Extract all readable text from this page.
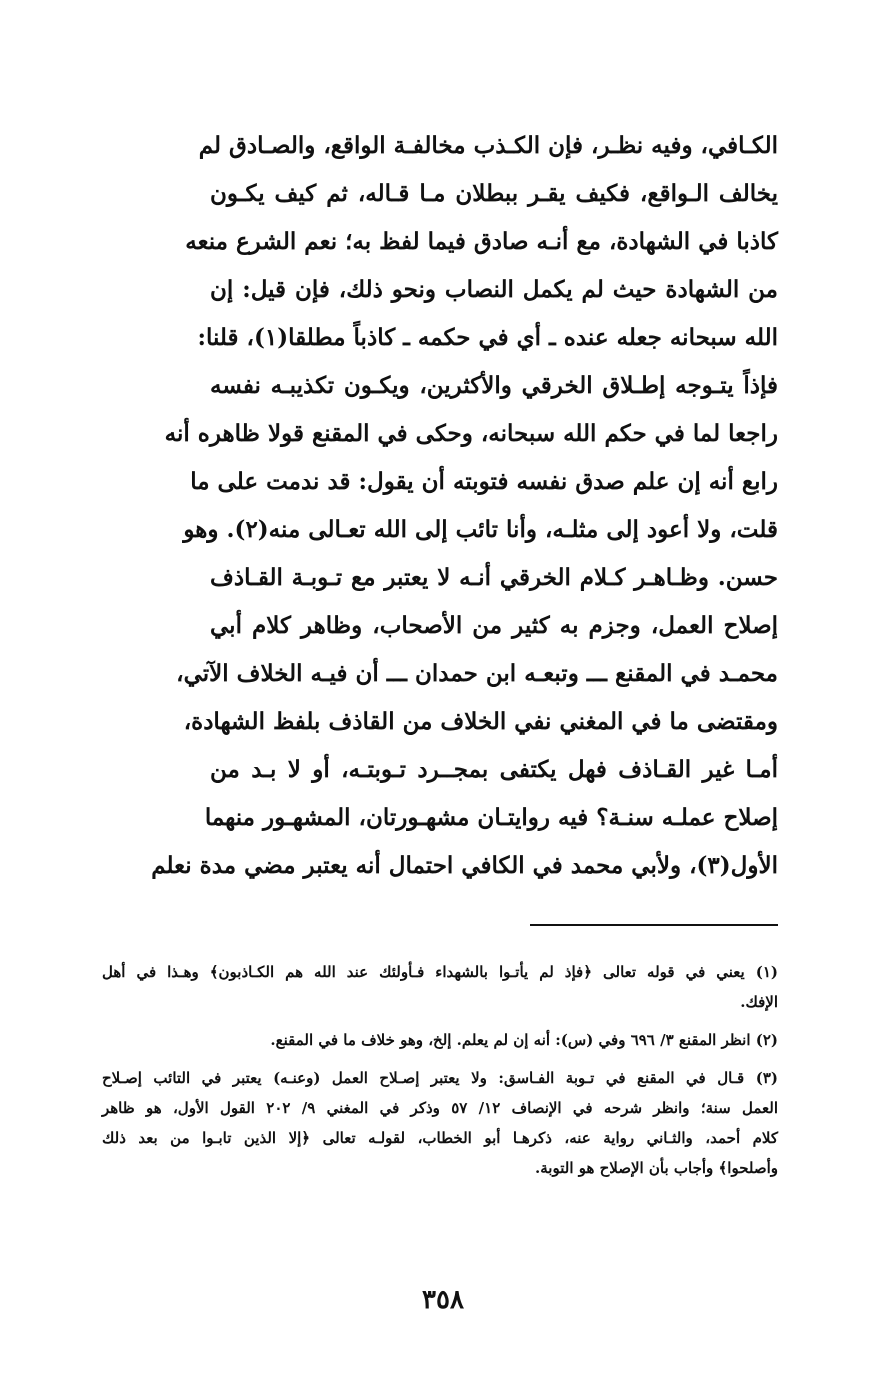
الكـافي، وفيه نظـر، فإن الكـذب مخالفـة الواقع، والصـادق لم
يخالف الـواقع، فكيف يقـر ببطلان مـا قـاله، ثم كيف يكـون
كاذبا في الشهادة، مع أنـه صادق فيما لفظ به؛ نعم الشرع منعه
من الشهادة حيث لم يكمل النصاب ونحو ذلك، فإن قيل: إن
الله سبحانه جعله عنده ـ أي في حكمه ـ كاذباً مطلقا(١)، قلنا:
فإذاً يتـوجه إطـلاق الخرقي والأكثرين، ويكـون تكذيبـه نفسه
راجعا لما في حكم الله سبحانه، وحكى في المقنع قولا ظاهره أنه
رابع أنه إن علم صدق نفسه فتوبته أن يقول: قد ندمت على ما
قلت، ولا أعود إلى مثلـه، وأنا تائب إلى الله تعـالى منه(٢). وهو
حسن. وظـاهـر كـلام الخرقي أنـه لا يعتبر مع تـوبـة القـاذف
إصلاح العمل، وجزم به كثير من الأصحاب، وظاهر كلام أبي
محمـد في المقنع ـــ وتبعـه ابن حمدان ـــ أن فيـه الخلاف الآتي،
ومقتضى ما في المغني نفي الخلاف من القاذف بلفظ الشهادة،
أمـا غير القـاذف فهل يكتفى بمجــرد تـوبتـه، أو لا بـد من
إصلاح عملـه سنـة؟ فيه روايتـان مشهـورتان، المشهـور منهما
الأول(٣)، ولأبي محمد في الكافي احتمال أنه يعتبر مضي مدة نعلم
(١) يعني في قوله تعالى ﴿فإذ لم يأتـوا بالشهداء فـأولئك عند الله هم الكـاذبون﴾ وهـذا في أهل
الإفك.
(٢) انظر المقنع ٣/ ٦٩٦ وفي (س): أنه إن لم يعلم. إلخ، وهو خلاف ما في المقنع.
(٣) قـال في المقنع في تـوبة الفـاسق: ولا يعتبر إصـلاح العمل (وعنـه) يعتبر في التائب إصـلاح
العمل سنة؛ وانظر شرحه في الإنصاف ١٢/ ٥٧ وذكر في المغني ٩/ ٢٠٢ القول الأول، هو ظاهر
كلام أحمد، والثـاني رواية عنه، ذكرهـا أبو الخطاب، لقولـه تعالى ﴿إلا الذين تابـوا من بعد ذلك
وأصلحوا﴾ وأجاب بأن الإصلاح هو التوبة.
٣٥٨
